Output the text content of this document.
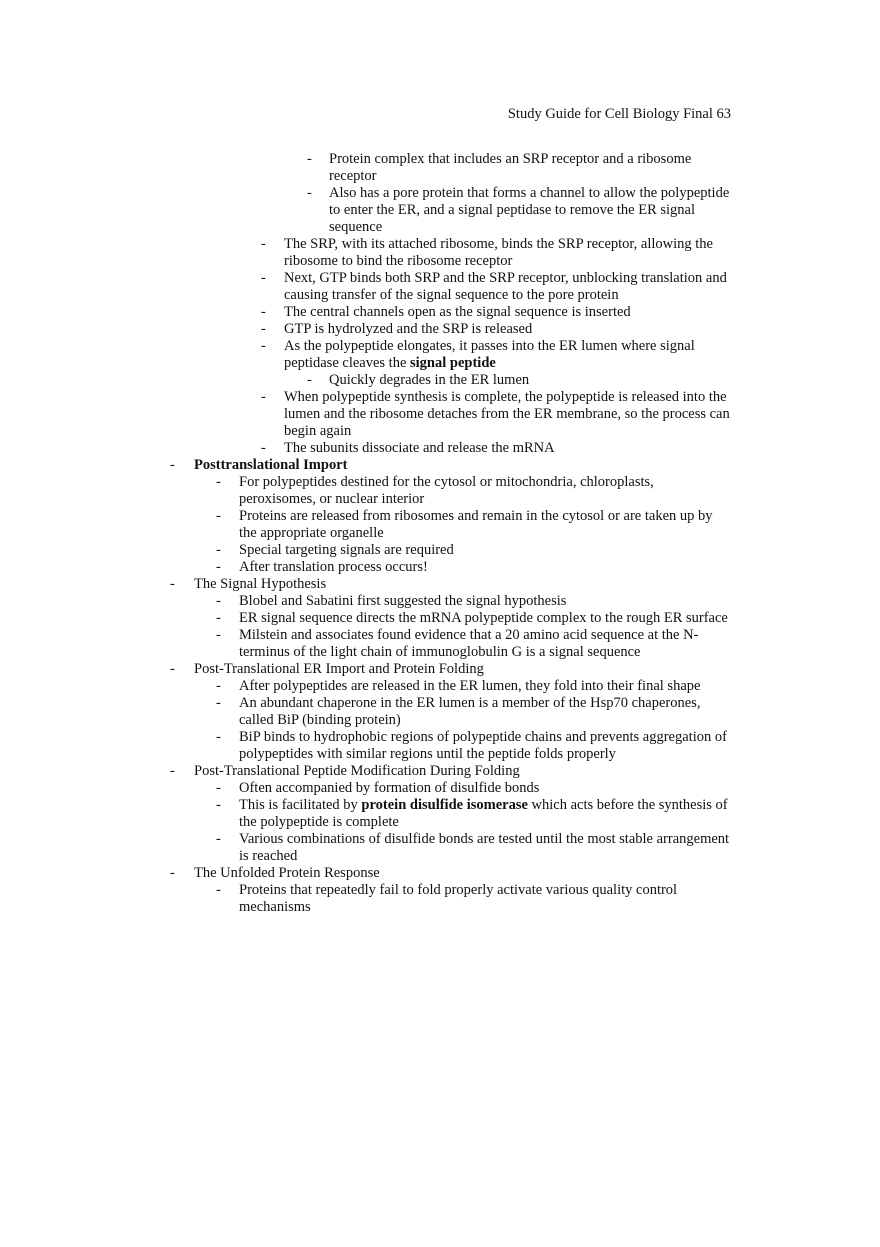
Study Guide for Cell Biology Final 63
- Protein complex that includes an SRP receptor and a ribosome receptor
- Also has a pore protein that forms a channel to allow the polypeptide to enter the ER, and a signal peptidase to remove the ER signal sequence
- The SRP, with its attached ribosome, binds the SRP receptor, allowing the ribosome to bind the ribosome receptor
- Next, GTP binds both SRP and the SRP receptor, unblocking translation and causing transfer of the signal sequence to the pore protein
- The central channels open as the signal sequence is inserted
- GTP is hydrolyzed and the SRP is released
- As the polypeptide elongates, it passes into the ER lumen where signal peptidase cleaves the signal peptide
- Quickly degrades in the ER lumen
- When polypeptide synthesis is complete, the polypeptide is released into the lumen and the ribosome detaches from the ER membrane, so the process can begin again
- The subunits dissociate and release the mRNA
- Posttranslational Import
- For polypeptides destined for the cytosol or mitochondria, chloroplasts, peroxisomes, or nuclear interior
- Proteins are released from ribosomes and remain in the cytosol or are taken up by the appropriate organelle
- Special targeting signals are required
- After translation process occurs!
- The Signal Hypothesis
- Blobel and Sabatini first suggested the signal hypothesis
- ER signal sequence directs the mRNA polypeptide complex to the rough ER surface
- Milstein and associates found evidence that a 20 amino acid sequence at the N-terminus of the light chain of immunoglobulin G is a signal sequence
- Post-Translational ER Import and Protein Folding
- After polypeptides are released in the ER lumen, they fold into their final shape
- An abundant chaperone in the ER lumen is a member of the Hsp70 chaperones, called BiP (binding protein)
- BiP binds to hydrophobic regions of polypeptide chains and prevents aggregation of polypeptides with similar regions until the peptide folds properly
- Post-Translational Peptide Modification During Folding
- Often accompanied by formation of disulfide bonds
- This is facilitated by protein disulfide isomerase which acts before the synthesis of the polypeptide is complete
- Various combinations of disulfide bonds are tested until the most stable arrangement is reached
- The Unfolded Protein Response
- Proteins that repeatedly fail to fold properly activate various quality control mechanisms
